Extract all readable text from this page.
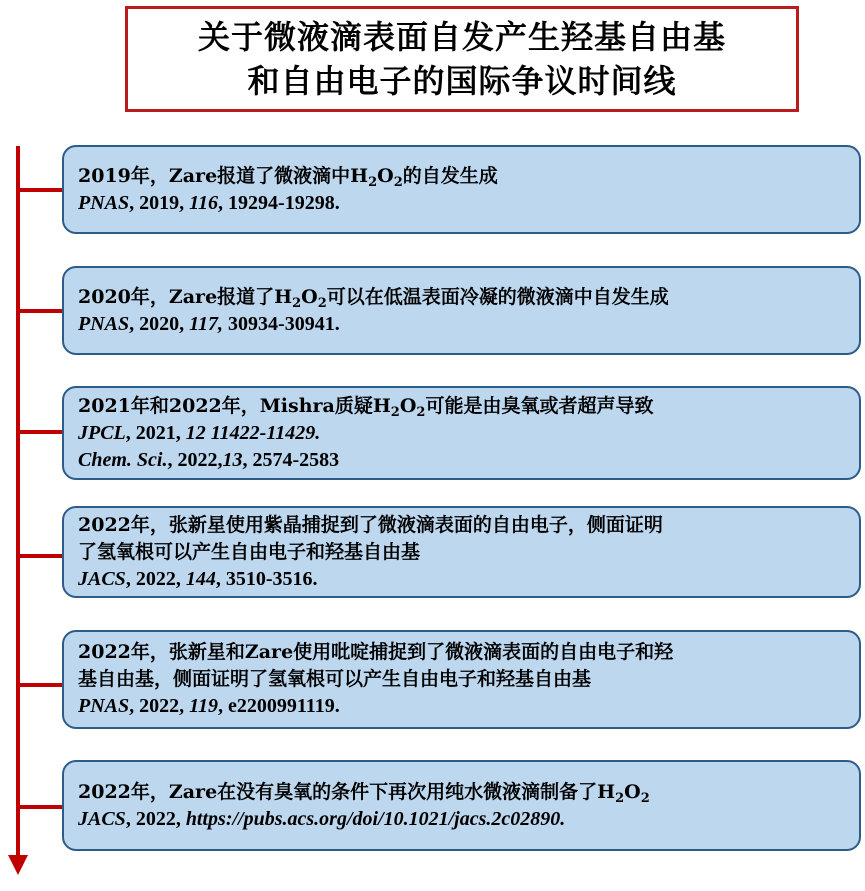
关于微液滴表面自发产生羟基自由基
和自由电子的国际争议时间线
2019年，Zare报道了微液滴中$H_2O_2$的自发生成
PNAS, 2019, 116, 19294-19298.
2020年，Zare报道了$H_2O_2$可以在低温表面冷凝的微液滴中自发生成
PNAS, 2020, 117, 30934-30941.
2021年和2022年，Mishra质疑$H_2O_2$可能是由臭氧或者超声导致
JPCL, 2021, 12 11422-11429.
Chem. Sci., 2022,13, 2574-2583
2022年，张新星使用紫晶捕捉到了微液滴表面的自由电子，侧面证明
了氢氧根可以产生自由电子和羟基自由基
JACS, 2022, 144, 3510-3516.
2022年，张新星和Zare使用吡啶捕捉到了微液滴表面的自由电子和羟
基自由基，侧面证明了氢氧根可以产生自由电子和羟基自由基
PNAS, 2022, 119, e2200991119.
2022年，Zare在没有臭氧的条件下再次用纯水微液滴制备了$H_2O_2$
JACS, 2022, https://pubs.acs.org/doi/10.1021/jacs.2c02890.
